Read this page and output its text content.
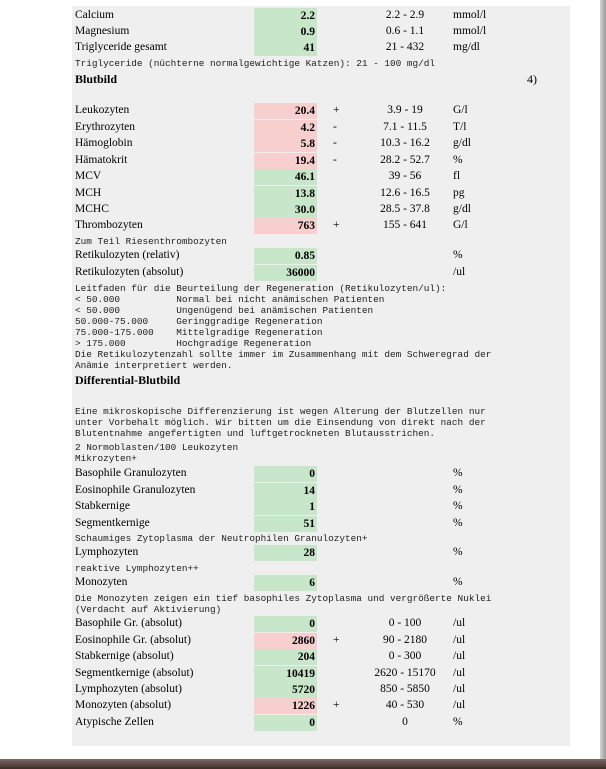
Calcium	2.2	2.2 - 2.9	mmol/l
Magnesium	0.9	0.6 - 1.1	mmol/l
Triglyceride gesamt	41	21 - 432	mg/dl
Triglyceride (nüchterne normalgewichtige Katzen): 21 - 100 mg/dl
Blutbild	4)
Leukozyten	20.4 +	3.9 - 19	G/l
Erythrozyten	4.2 -	7.1 - 11.5	T/l
Hämoglobin	5.8 -	10.3 - 16.2	g/dl
Hämatokrit	19.4 -	28.2 - 52.7	%
MCV	46.1	39 - 56	fl
MCH	13.8	12.6 - 16.5	pg
MCHC	30.0	28.5 - 37.8	g/dl
Thrombozyten	763 +	155 - 641	G/l
Zum Teil Riesenthrombozyten
Retikulozyten (relativ)	0.85	%
Retikulozyten (absolut)	36000	/ul
Leitfaden für die Beurteilung der Regeneration (Retikulozyten/ul):
< 50.000          Normal bei nicht anämischen Patienten
< 50.000          Ungenügend bei anämischen Patienten
50.000-75.000     Geringgradige Regeneration
75.000-175.000    Mittelgradige Regeneration
> 175.000         Hochgradige Regeneration
Die Retikulozytenzahl sollte immer im Zusammenhang mit dem Schweregrad der
Anämie interpretiert werden.
Differential-Blutbild
Eine mikroskopische Differenzierung ist wegen Alterung der Blutzellen nur
unter Vorbehalt möglich. Wir bitten um die Einsendung von direkt nach der
Blutentnahme angefertigten und luftgetrockneten Blutausstrichen.
2 Normoblasten/100 Leukozyten
Mikrozyten+
Basophile Granulozyten	0	%
Eosinophile Granulozyten	14	%
Stabkernige	1	%
Segmentkernige	51	%
Schaumiges Zytoplasma der Neutrophilen Granulozyten+
Lymphozyten	28	%
reaktive Lymphozyten++
Monozyten	6	%
Die Monozyten zeigen ein tief basophiles Zytoplasma und vergrößerte Nuklei
(Verdacht auf Aktivierung)
Basophile Gr. (absolut)	0	0 - 100	/ul
Eosinophile Gr. (absolut)	2860 +	90 - 2180	/ul
Stabkernige (absolut)	204	0 - 300	/ul
Segmentkernige (absolut)	10419	2620 - 15170	/ul
Lymphozyten (absolut)	5720	850 - 5850	/ul
Monozyten (absolut)	1226 +	40 - 530	/ul
Atypische Zellen	0	0	%
